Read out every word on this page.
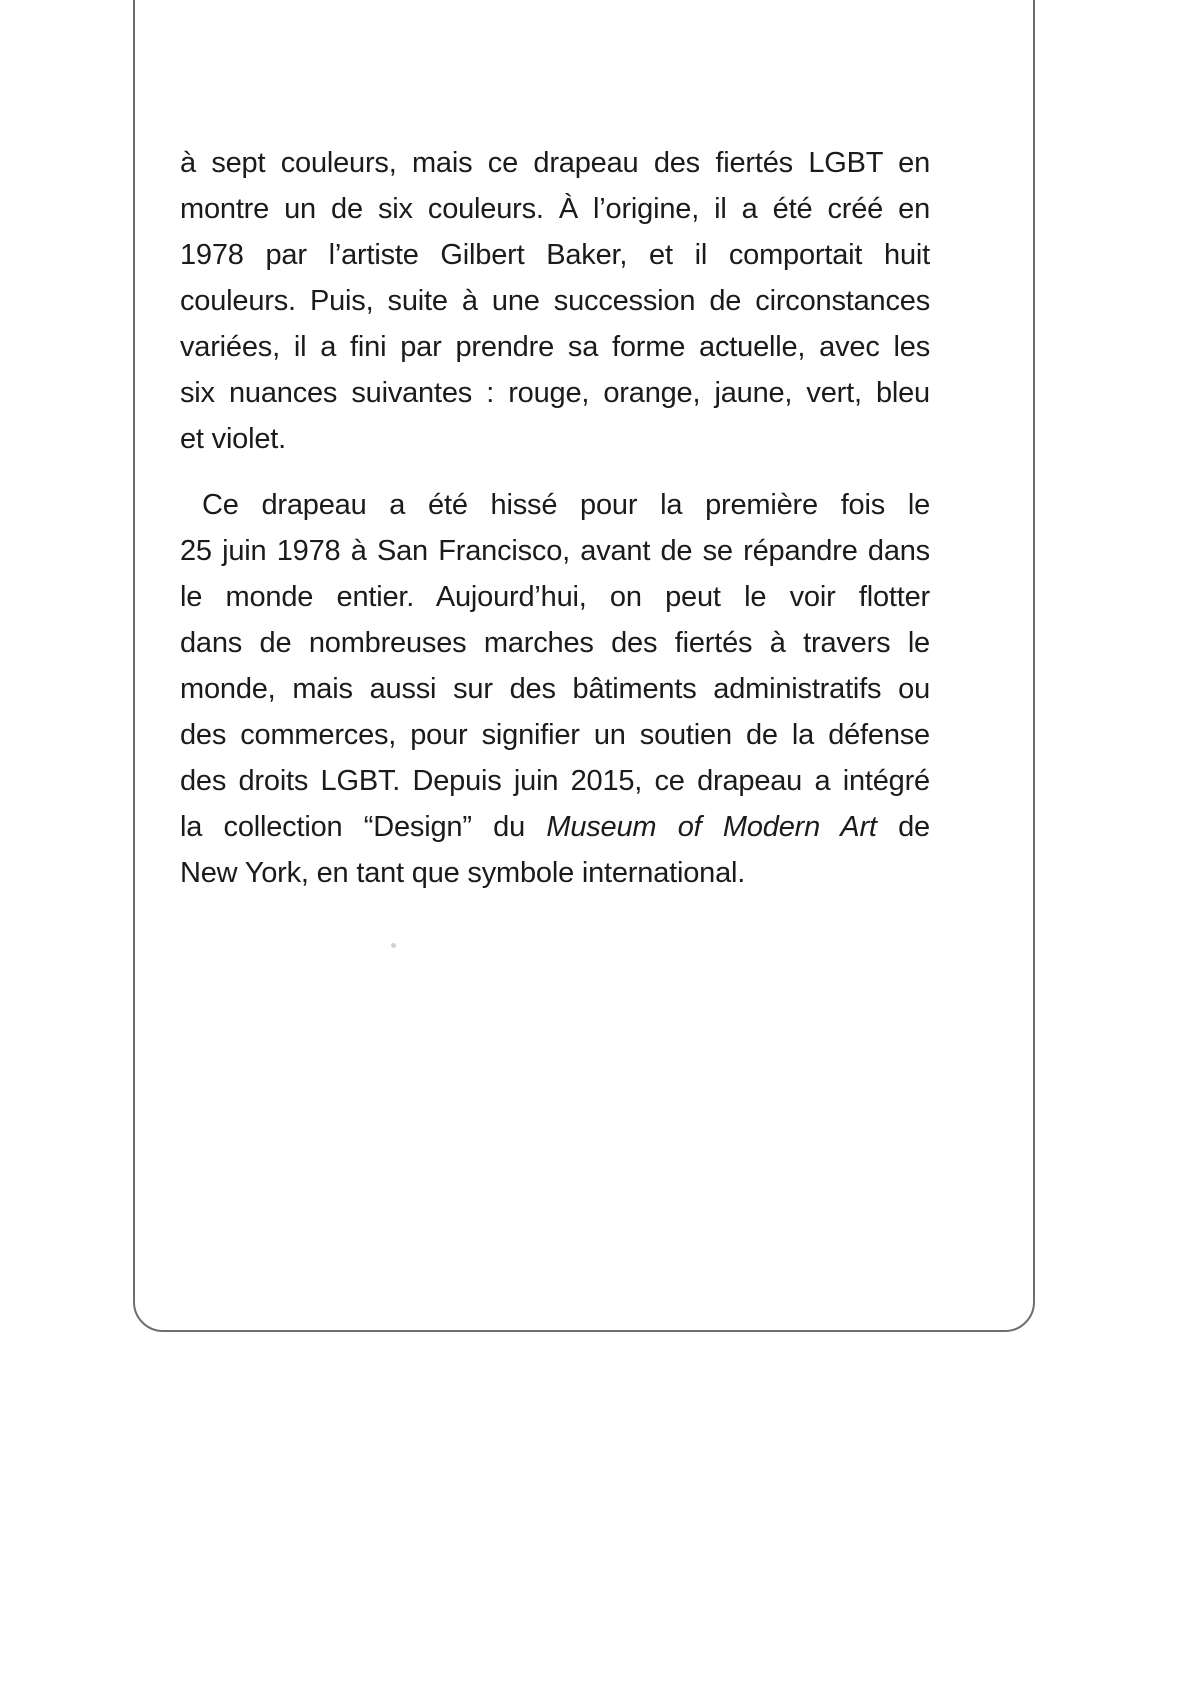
à sept couleurs, mais ce drapeau des fiertés LGBT en
montre un de six couleurs. À l’origine, il a été créé en
1978 par l’artiste Gilbert Baker, et il comportait huit
couleurs. Puis, suite à une succession de circonstances
variées, il a fini par prendre sa forme actuelle, avec les
six nuances suivantes : rouge, orange, jaune, vert, bleu
et violet.
Ce drapeau a été hissé pour la première fois le
25 juin 1978 à San Francisco, avant de se répandre dans
le monde entier. Aujourd’hui, on peut le voir flotter
dans de nombreuses marches des fiertés à travers le
monde, mais aussi sur des bâtiments administratifs ou
des commerces, pour signifier un soutien de la défense
des droits LGBT. Depuis juin 2015, ce drapeau a intégré
la collection “Design” du Museum of Modern Art de
New York, en tant que symbole international.
